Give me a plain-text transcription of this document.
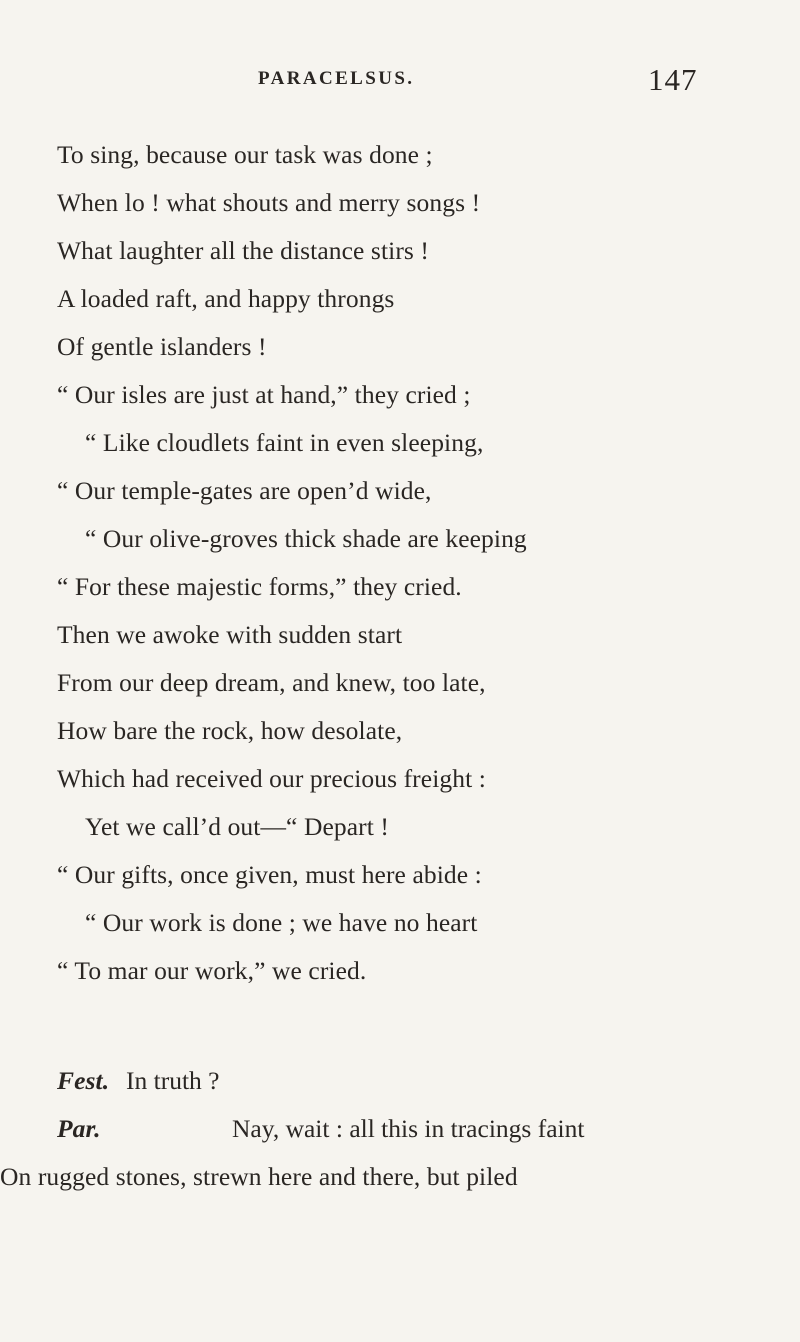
PARACELSUS.	147
To sing, because our task was done ;
When lo ! what shouts and merry songs !
What laughter all the distance stirs !
A loaded raft, and happy throngs
Of gentle islanders !
“ Our isles are just at hand,” they cried ;
“ Like cloudlets faint in even sleeping,
“ Our temple-gates are open’d wide,
“ Our olive-groves thick shade are keeping
“ For these majestic forms,” they cried.
Then we awoke with sudden start
From our deep dream, and knew, too late,
How bare the rock, how desolate,
Which had received our precious freight :
Yet we call’d out—“ Depart !
“ Our gifts, once given, must here abide :
“ Our work is done ; we have no heart
“ To mar our work,” we cried.
Fest. In truth ?
Par.	Nay, wait : all this in tracings faint
On rugged stones, strewn here and there, but piled
